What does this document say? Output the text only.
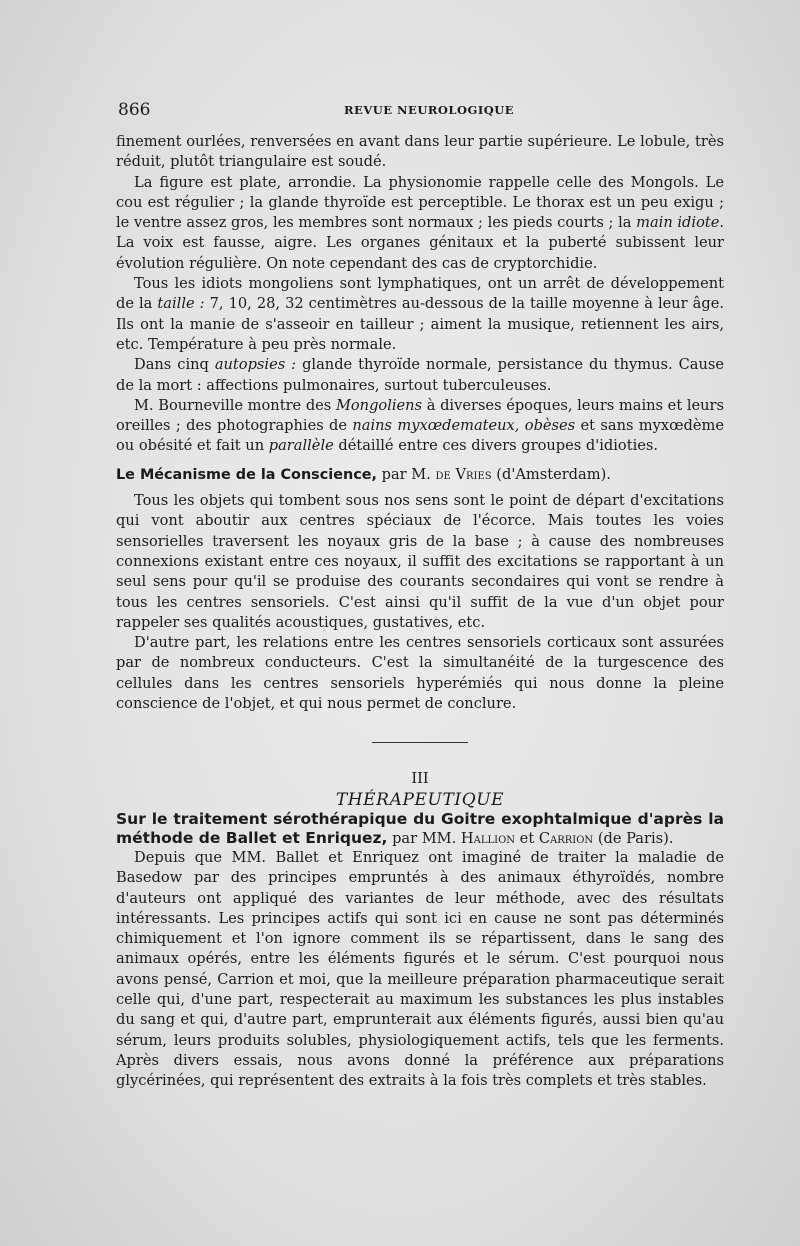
866	REVUE NEUROLOGIQUE

finement ourlées, renversées en avant dans leur partie supérieure. Le lobule, très réduit, plutôt triangulaire est soudé.

La figure est plate, arrondie. La physionomie rappelle celle des Mongols. Le cou est régulier ; la glande thyroïde est perceptible. Le thorax est un peu exigu ; le ventre assez gros, les membres sont normaux ; les pieds courts ; la main idiote. La voix est fausse, aigre. Les organes génitaux et la puberté subissent leur évolution régulière. On note cependant des cas de cryptorchidie.

Tous les idiots mongoliens sont lymphatiques, ont un arrêt de développement de la taille : 7, 10, 28, 32 centimètres au-dessous de la taille moyenne à leur âge. Ils ont la manie de s'asseoir en tailleur ; aiment la musique, retiennent les airs, etc. Température à peu près normale.

Dans cinq autopsies : glande thyroïde normale, persistance du thymus. Cause de la mort : affections pulmonaires, surtout tuberculeuses.

M. Bourneville montre des Mongoliens à diverses époques, leurs mains et leurs oreilles ; des photographies de nains myxœdemateux, obèses et sans myxœdème ou obésité et fait un parallèle détaillé entre ces divers groupes d'idioties.

Le Mécanisme de la Conscience, par M. de Vries (d'Amsterdam).

Tous les objets qui tombent sous nos sens sont le point de départ d'excitations qui vont aboutir aux centres spéciaux de l'écorce. Mais toutes les voies sensorielles traversent les noyaux gris de la base ; à cause des nombreuses connexions existant entre ces noyaux, il suffit des excitations se rapportant à un seul sens pour qu'il se produise des courants secondaires qui vont se rendre à tous les centres sensoriels. C'est ainsi qu'il suffit de la vue d'un objet pour rappeler ses qualités acoustiques, gustatives, etc.

D'autre part, les relations entre les centres sensoriels corticaux sont assurées par de nombreux conducteurs. C'est la simultanéité de la turgescence des cellules dans les centres sensoriels hyperémiés qui nous donne la pleine conscience de l'objet, et qui nous permet de conclure.

III

THÉRAPEUTIQUE

Sur le traitement sérothérapique du Goitre exophtalmique d'après la méthode de Ballet et Enriquez, par MM. Hallion et Carrion (de Paris).

Depuis que MM. Ballet et Enriquez ont imaginé de traiter la maladie de Basedow par des principes empruntés à des animaux éthyroïdés, nombre d'auteurs ont appliqué des variantes de leur méthode, avec des résultats intéressants. Les principes actifs qui sont ici en cause ne sont pas déterminés chimiquement et l'on ignore comment ils se répartissent, dans le sang des animaux opérés, entre les éléments figurés et le sérum. C'est pourquoi nous avons pensé, Carrion et moi, que la meilleure préparation pharmaceutique serait celle qui, d'une part, respecterait au maximum les substances les plus instables du sang et qui, d'autre part, emprunterait aux éléments figurés, aussi bien qu'au sérum, leurs produits solubles, physiologiquement actifs, tels que les ferments. Après divers essais, nous avons donné la préférence aux préparations glycérinées, qui représentent des extraits à la fois très complets et très stables.
